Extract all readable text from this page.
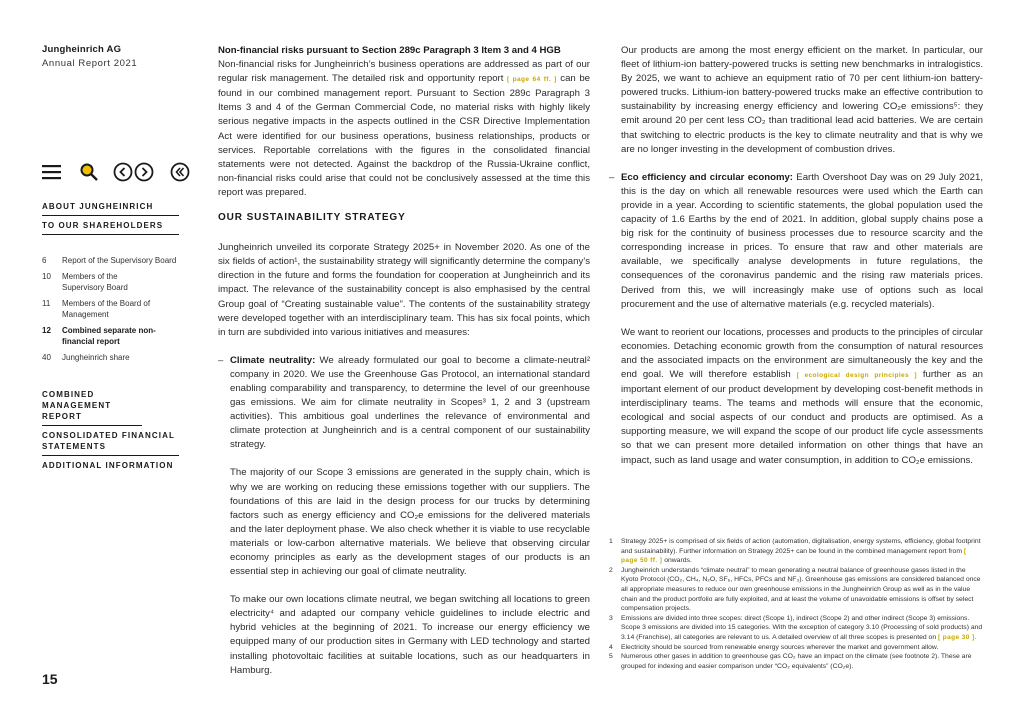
Jungheinrich AG
Annual Report 2021
ABOUT JUNGHEINRICH
TO OUR SHAREHOLDERS
6	Report of the Supervisory Board
10	Members of the Supervisory Board
11	Members of the Board of Management
12	Combined separate non-financial report
40	Jungheinrich share
COMBINED MANAGEMENT REPORT
CONSOLIDATED FINANCIAL STATEMENTS
ADDITIONAL INFORMATION
15

Non-financial risks pursuant to Section 289c Paragraph 3 Item 3 and 4 HGB

Non-financial risks for Jungheinrich’s business operations are addressed as part of our regular risk management. The detailed risk and opportunity report [ page 64 ff. ] can be found in our combined management report. Pursuant to Section 289c Paragraph 3 Items 3 and 4 of the German Commercial Code, no material risks with highly likely serious negative impacts in the aspects outlined in the CSR Directive Implementation Act were identified for our business operations, business relationships, products or services. Reportable correlations with the figures in the consolidated financial statements were not detected. Against the backdrop of the Russia-Ukraine conflict, non-financial risks could arise that could not be conclusively assessed at the time this report was prepared.

OUR SUSTAINABILITY STRATEGY

Jungheinrich unveiled its corporate Strategy 2025+ in November 2020. As one of the six fields of action¹, the sustainability strategy will significantly determine the company’s direction in the future and forms the foundation for cooperation at Jungheinrich and its impact. The relevance of the sustainability concept is also emphasised by the central Group goal of “Creating sustainable value”. The contents of the sustainability strategy were developed together with an interdisciplinary team. This has six focal points, which in turn are subdivided into various initiatives and measures:

– Climate neutrality: We already formulated our goal to become a climate-neutral² company in 2020. We use the Greenhouse Gas Protocol, an international standard enabling comparability and transparency, to determine the level of our greenhouse gas emissions. We aim for climate neutrality in Scopes³ 1, 2 and 3 (upstream activities). This ambitious goal underlines the relevance of environmental and climate protection at Jungheinrich and is a central component of our sustainability strategy.

The majority of our Scope 3 emissions are generated in the supply chain, which is why we are working on reducing these emissions together with our suppliers. The foundations of this are laid in the design process for our trucks by determining factors such as energy efficiency and CO₂e emissions for the delivered materials and the later deployment phase. We also check whether it is viable to use recyclable materials or low-carbon alternative materials. We believe that observing circular economy principles as early as the development stages of our products is an essential step in achieving our goal of climate neutrality.

To make our own locations climate neutral, we began switching all locations to green electricity⁴ and adapted our company vehicle guidelines to include electric and hybrid vehicles at the beginning of 2021. To increase our energy efficiency we equipped many of our production sites in Germany with LED technology and started installing photovoltaic facilities at suitable locations, such as our headquarters in Hamburg.

Our products are among the most energy efficient on the market. In particular, our fleet of lithium-ion battery-powered trucks is setting new benchmarks in intralogistics. By 2025, we want to achieve an equipment ratio of 70 per cent lithium-ion battery-powered trucks. Lithium-ion battery-powered trucks make an effective contribution to sustainability by increasing energy efficiency and lowering CO₂e emissions⁵: they emit around 20 per cent less CO₂ than traditional lead acid batteries. We are certain that switching to electric products is the key to climate neutrality and that is why we are no longer investing in the development of combustion drives.

– Eco efficiency and circular economy: Earth Overshoot Day was on 29 July 2021, this is the day on which all renewable resources were used which the Earth can provide in a year. According to scientific statements, the global population used the capacity of 1.6 Earths by the end of 2021. In addition, global supply chains pose a big risk for the continuity of business processes due to resource scarcity and the corresponding increase in prices. To ensure that raw and other materials are available, we specifically analyse developments in future regulations, the consequences of the coronavirus pandemic and the rising raw materials prices. Derived from this, we will increasingly make use of options such as local procurement and the use of alternative materials (e.g. recycled materials).

We want to reorient our locations, processes and products to the principles of circular economies. Detaching economic growth from the consumption of natural resources and the associated impacts on the environment are simultaneously the key and the end goal. We will therefore establish [ ecological design principles ] further as an important element of our product development by developing cost-benefit methods in interdisciplinary teams. The teams and methods will ensure that the economic, ecological and social aspects of our conduct and products are optimised. As a supporting measure, we will expand the scope of our product life cycle assessments so that we can present more detailed information on other things that have an impact, such as land usage and water consumption, in addition to CO₂e emissions.

1	Strategy 2025+ is comprised of six fields of action (automation, digitalisation, energy systems, efficiency, global footprint and sustainability). Further information on Strategy 2025+ can be found in the combined management report from [ page 50 ff. ] onwards.
2	Jungheinrich understands “climate neutral” to mean generating a neutral balance of greenhouse gases listed in the Kyoto Protocol (CO₂, CH₄, N₂O, SF₆, HFCs, PFCs and NF₃). Greenhouse gas emissions are considered balanced once all appropriate measures to reduce our own greenhouse emissions in the Jungheinrich Group as well as in the value chain and the product portfolio are fully exploited, and at least the volume of unavoidable emissions is offset by select compensation projects.
3	Emissions are divided into three scopes: direct (Scope 1), indirect (Scope 2) and other indirect (Scope 3) emissions. Scope 3 emissions are divided into 15 categories. With the exception of category 3.10 (Processing of sold products) and 3.14 (Franchise), all categories are relevant to us. A detailed overview of all three scopes is presented on [ page 30 ].
4	Electricity should be sourced from renewable energy sources wherever the market and government allow.
5	Numerous other gases in addition to greenhouse gas CO₂ have an impact on the climate (see footnote 2). These are grouped for indexing and easier comparison under “CO₂ equivalents” (CO₂e).
